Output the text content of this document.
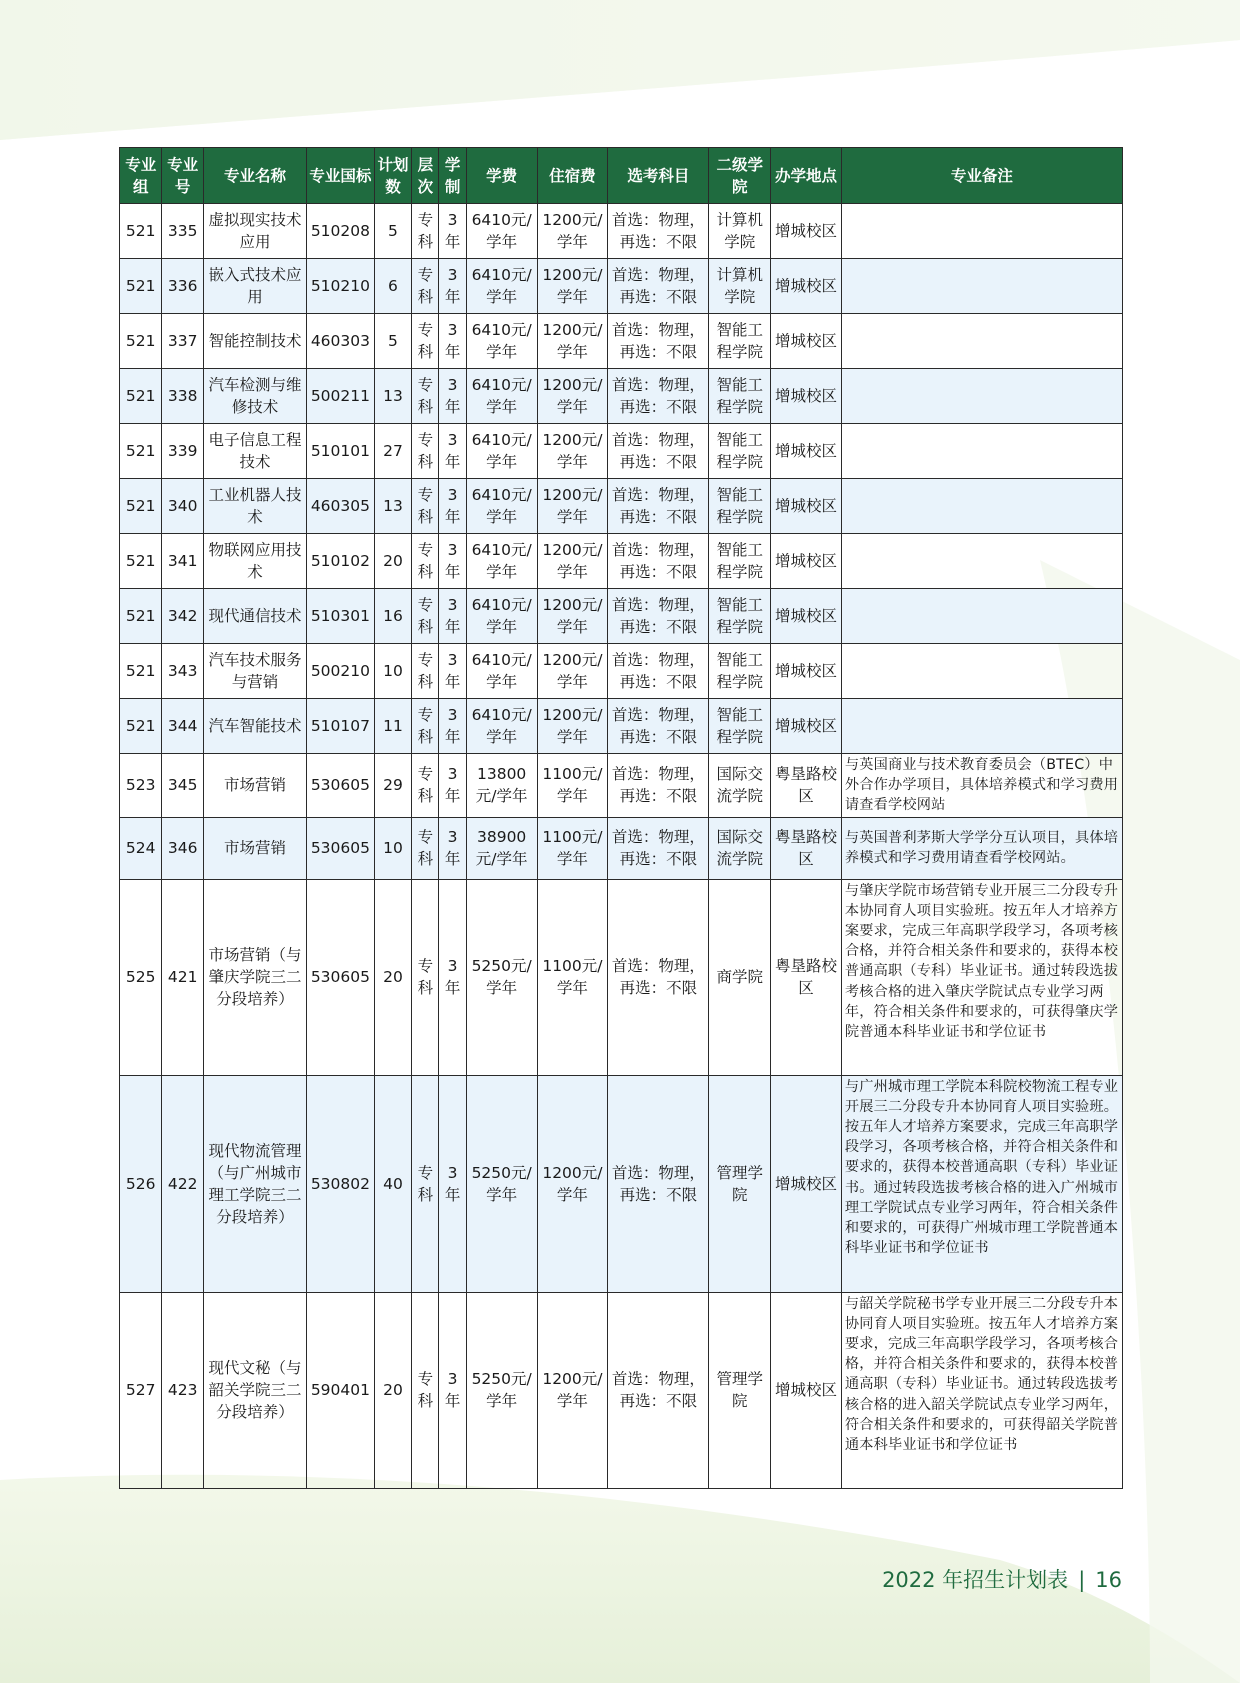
专业组	专业号	专业名称	专业国标	计划数	层次	学制	学费	住宿费	选考科目	二级学院	办学地点	专业备注
521	335	虚拟现实技术应用	510208	5	专科	3年	6410元/学年	1200元/学年	首选：物理，再选：不限	计算机学院	增城校区	
521	336	嵌入式技术应用	510210	6	专科	3年	6410元/学年	1200元/学年	首选：物理，再选：不限	计算机学院	增城校区	
521	337	智能控制技术	460303	5	专科	3年	6410元/学年	1200元/学年	首选：物理，再选：不限	智能工程学院	增城校区	
521	338	汽车检测与维修技术	500211	13	专科	3年	6410元/学年	1200元/学年	首选：物理，再选：不限	智能工程学院	增城校区	
521	339	电子信息工程技术	510101	27	专科	3年	6410元/学年	1200元/学年	首选：物理，再选：不限	智能工程学院	增城校区	
521	340	工业机器人技术	460305	13	专科	3年	6410元/学年	1200元/学年	首选：物理，再选：不限	智能工程学院	增城校区	
521	341	物联网应用技术	510102	20	专科	3年	6410元/学年	1200元/学年	首选：物理，再选：不限	智能工程学院	增城校区	
521	342	现代通信技术	510301	16	专科	3年	6410元/学年	1200元/学年	首选：物理，再选：不限	智能工程学院	增城校区	
521	343	汽车技术服务与营销	500210	10	专科	3年	6410元/学年	1200元/学年	首选：物理，再选：不限	智能工程学院	增城校区	
521	344	汽车智能技术	510107	11	专科	3年	6410元/学年	1200元/学年	首选：物理，再选：不限	智能工程学院	增城校区	
523	345	市场营销	530605	29	专科	3年	13800元/学年	1100元/学年	首选：物理，再选：不限	国际交流学院	粤垦路校区	与英国商业与技术教育委员会（BTEC）中外合作办学项目，具体培养模式和学习费用请查看学校网站
524	346	市场营销	530605	10	专科	3年	38900元/学年	1100元/学年	首选：物理，再选：不限	国际交流学院	粤垦路校区	与英国普利茅斯大学学分互认项目，具体培养模式和学习费用请查看学校网站。
525	421	市场营销（与肇庆学院三二分段培养）	530605	20	专科	3年	5250元/学年	1100元/学年	首选：物理，再选：不限	商学院	粤垦路校区	与肇庆学院市场营销专业开展三二分段专升本协同育人项目实验班。按五年人才培养方案要求，完成三年高职学段学习，各项考核合格，并符合相关条件和要求的，获得本校普通高职（专科）毕业证书。通过转段选拔考核合格的进入肇庆学院试点专业学习两年，符合相关条件和要求的，可获得肇庆学院普通本科毕业证书和学位证书
526	422	现代物流管理（与广州城市理工学院三二分段培养）	530802	40	专科	3年	5250元/学年	1200元/学年	首选：物理，再选：不限	管理学院	增城校区	与广州城市理工学院本科院校物流工程专业开展三二分段专升本协同育人项目实验班。按五年人才培养方案要求，完成三年高职学段学习，各项考核合格，并符合相关条件和要求的，获得本校普通高职（专科）毕业证书。通过转段选拔考核合格的进入广州城市理工学院试点专业学习两年，符合相关条件和要求的，可获得广州城市理工学院普通本科毕业证书和学位证书
527	423	现代文秘（与韶关学院三二分段培养）	590401	20	专科	3年	5250元/学年	1200元/学年	首选：物理，再选：不限	管理学院	增城校区	与韶关学院秘书学专业开展三二分段专升本协同育人项目实验班。按五年人才培养方案要求，完成三年高职学段学习，各项考核合格，并符合相关条件和要求的，获得本校普通高职（专科）毕业证书。通过转段选拔考核合格的进入韶关学院试点专业学习两年，符合相关条件和要求的，可获得韶关学院普通本科毕业证书和学位证书
2022 年招生计划表 | 16
